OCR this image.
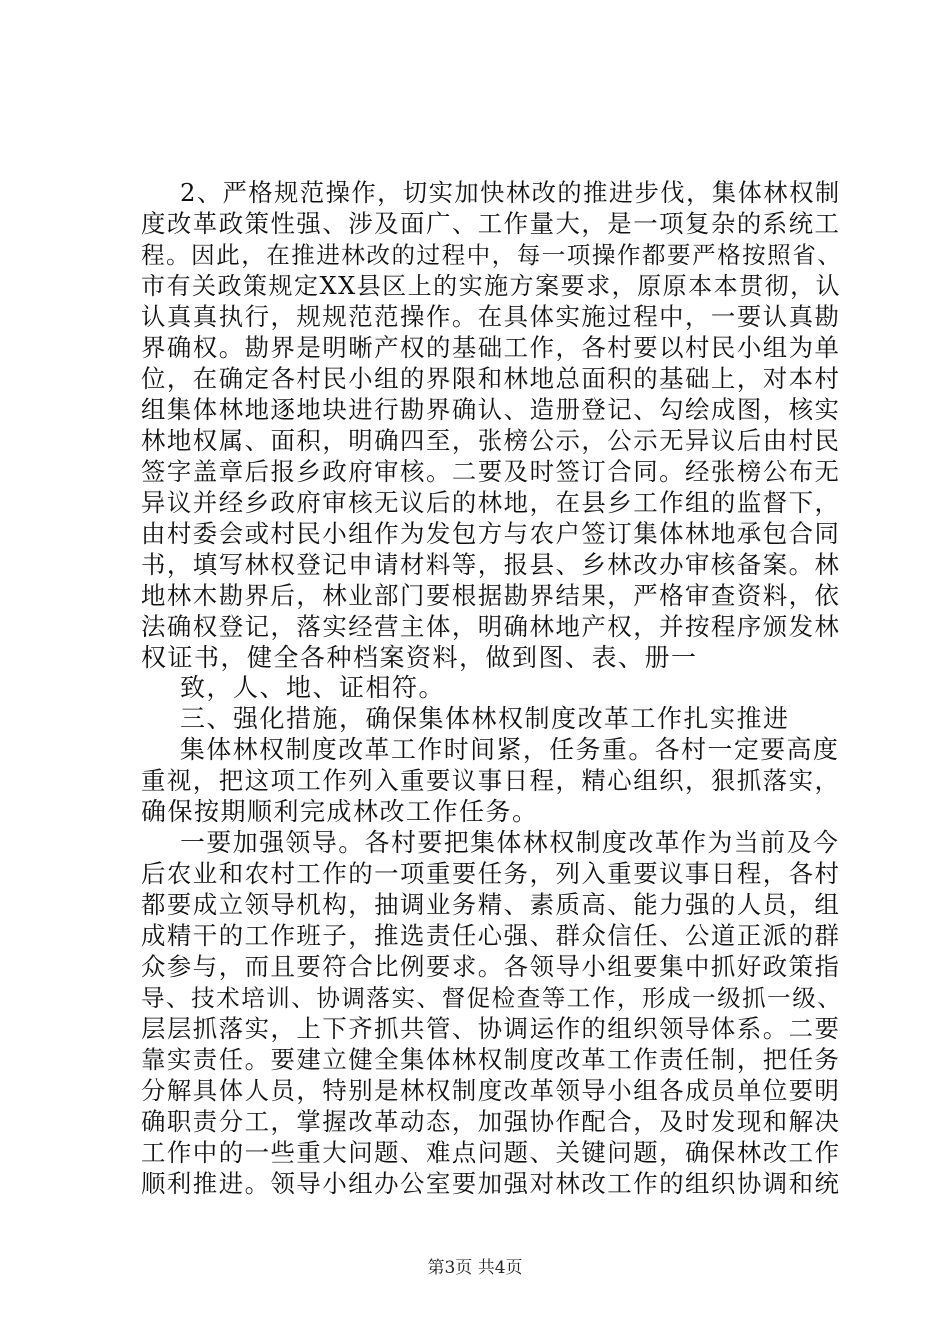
2、严格规范操作，切实加快林改的推进步伐，集体林权制
度改革政策性强、涉及面广、工作量大，是一项复杂的系统工
程。因此，在推进林改的过程中，每一项操作都要严格按照省、
市有关政策规定XX县区上的实施方案要求，原原本本贯彻，认
认真真执行，规规范范操作。在具体实施过程中，一要认真勘
界确权。勘界是明晰产权的基础工作，各村要以村民小组为单
位，在确定各村民小组的界限和林地总面积的基础上，对本村
组集体林地逐地块进行勘界确认、造册登记、勾绘成图，核实
林地权属、面积，明确四至，张榜公示，公示无异议后由村民
签字盖章后报乡政府审核。二要及时签订合同。经张榜公布无
异议并经乡政府审核无议后的林地，在县乡工作组的监督下，
由村委会或村民小组作为发包方与农户签订集体林地承包合同
书，填写林权登记申请材料等，报县、乡林改办审核备案。林
地林木勘界后，林业部门要根据勘界结果，严格审查资料，依
法确权登记，落实经营主体，明确林地产权，并按程序颁发林
权证书，健全各种档案资料，做到图、表、册一
致，人、地、证相符。
三、强化措施，确保集体林权制度改革工作扎实推进
集体林权制度改革工作时间紧，任务重。各村一定要高度
重视，把这项工作列入重要议事日程，精心组织，狠抓落实，
确保按期顺利完成林改工作任务。
一要加强领导。各村要把集体林权制度改革作为当前及今
后农业和农村工作的一项重要任务，列入重要议事日程，各村
都要成立领导机构，抽调业务精、素质高、能力强的人员，组
成精干的工作班子，推选责任心强、群众信任、公道正派的群
众参与，而且要符合比例要求。各领导小组要集中抓好政策指
导、技术培训、协调落实、督促检查等工作，形成一级抓一级、
层层抓落实，上下齐抓共管、协调运作的组织领导体系。二要
靠实责任。要建立健全集体林权制度改革工作责任制，把任务
分解具体人员，特别是林权制度改革领导小组各成员单位要明
确职责分工，掌握改革动态，加强协作配合，及时发现和解决
工作中的一些重大问题、难点问题、关键问题，确保林改工作
顺利推进。领导小组办公室要加强对林改工作的组织协调和统
第3页 共4页
